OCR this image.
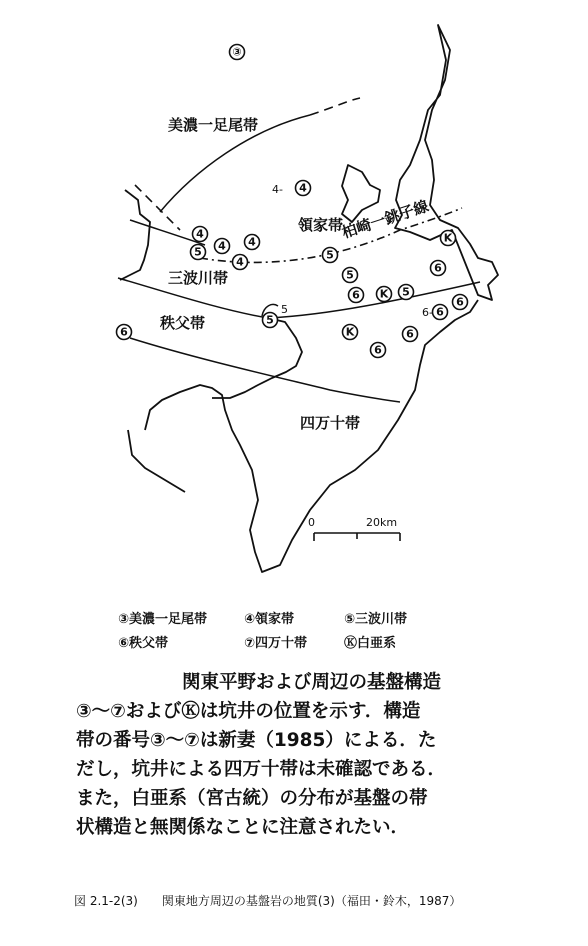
美濃一足尾帯
領家帯
三波川帯
秩父帯
四万十帯
柏崎一銚子線
③
4
4
5 4 4
4
5
K
6
5
K 5
6
6
6
5
6	K
6
6
4-
6-
5
0	20km
③美濃一足尾帯	④領家帯	⑤三波川帯
⑥秩父帯	⑦四万十帯	Ⓚ白亜系
関東平野および周辺の基盤構造
③～⑦およびⓀは坑井の位置を示す．構造
帯の番号③～⑦は新妻（1985）による．た
だし，坑井による四万十帯は未確認である．
また，白亜系（宮古統）の分布が基盤の帯
状構造と無関係なことに注意されたい．
図 2.1-2(3)　　関東地方周辺の基盤岩の地質(3)（福田・鈴木，1987）
